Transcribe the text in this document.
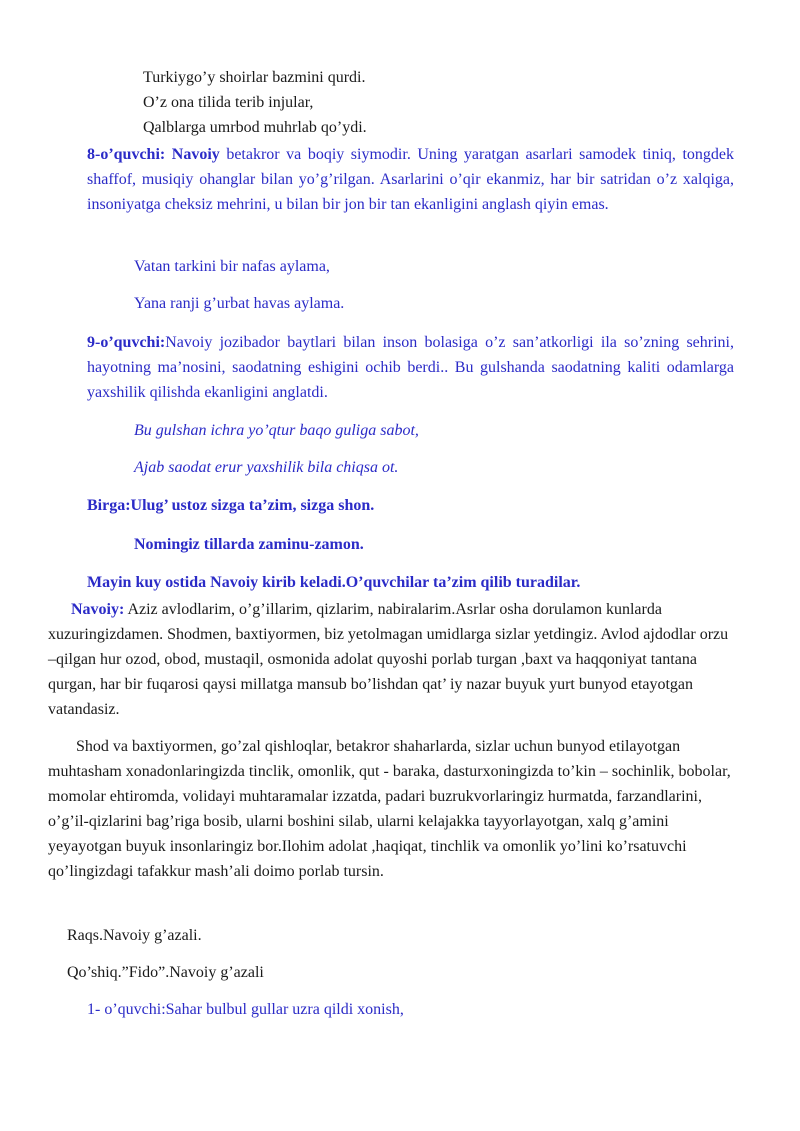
Turkiygo’y shoirlar bazmini qurdi.
O’z ona tilida terib injular,
Qalblarga umrbod muhrlab qo’ydi.
8-o’quvchi: Navoiy betakror va boqiy siymodir. Uning yaratgan asarlari samodek tiniq, tongdek shaffof, musiqiy ohanglar bilan yo’g’rilgan. Asarlarini o’qir ekanmiz, har bir satridan o’z xalqiga, insoniyatga cheksiz mehrini, u bilan bir jon bir tan ekanligini anglash qiyin emas.
Vatan tarkini bir nafas aylama,
Yana ranji g’urbat havas aylama.
9-o’quvchi:Navoiy jozibador baytlari bilan inson bolasiga o’z san’atkorligi ila so’zning sehrini, hayotning ma’nosini, saodatning eshigini ochib berdi.. Bu gulshanda saodatning kaliti odamlarga yaxshilik qilishda ekanligini anglatdi.
Bu gulshan ichra yo’qtur baqo guliga sabot,
Ajab saodat erur yaxshilik bila chiqsa ot.
Birga:Ulug’ ustoz sizga ta’zim, sizga shon.
Nomingiz tillarda zaminu-zamon.
Mayin kuy ostida Navoiy kirib keladi.O’quvchilar ta’zim qilib turadilar.
Navoiy: Aziz avlodlarim, o’g’illarim, qizlarim, nabiralarim.Asrlar osha dorulamon kunlarda xuzuringizdamen. Shodmen, baxtiyormen, biz yetolmagan umidlarga sizlar yetdingiz. Avlod ajdodlar orzu –qilgan hur ozod, obod, mustaqil, osmonida adolat quyoshi porlab turgan ,baxt va haqqoniyat tantana qurgan, har bir fuqarosi qaysi millatga mansub bo’lishdan qat’ iy nazar buyuk yurt bunyod etayotgan vatandasiz.
Shod va baxtiyormen, go’zal qishloqlar, betakror shaharlarda, sizlar uchun bunyod etilayotgan muhtasham xonadonlaringizda tinclik, omonlik, qut - baraka, dasturxoningizda to’kin – sochinlik, bobolar, momolar ehtiromda, volidayi muhtaramalar izzatda, padari buzrukvorlaringiz hurmatda, farzandlarini, o’g’il-qizlarini bag’riga bosib, ularni boshini silab, ularni kelajakka tayyorlayotgan, xalq g’amini yeyayotgan buyuk insonlaringiz bor.Ilohim adolat ,haqiqat, tinchlik va omonlik yo’lini ko’rsatuvchi qo’lingizdagi tafakkur mash’ali doimo porlab tursin.
Raqs.Navoiy g’azali.
Qo’shiq.”Fido”.Navoiy g’azali
1- o’quvchi:Sahar bulbul gullar uzra qildi xonish,
